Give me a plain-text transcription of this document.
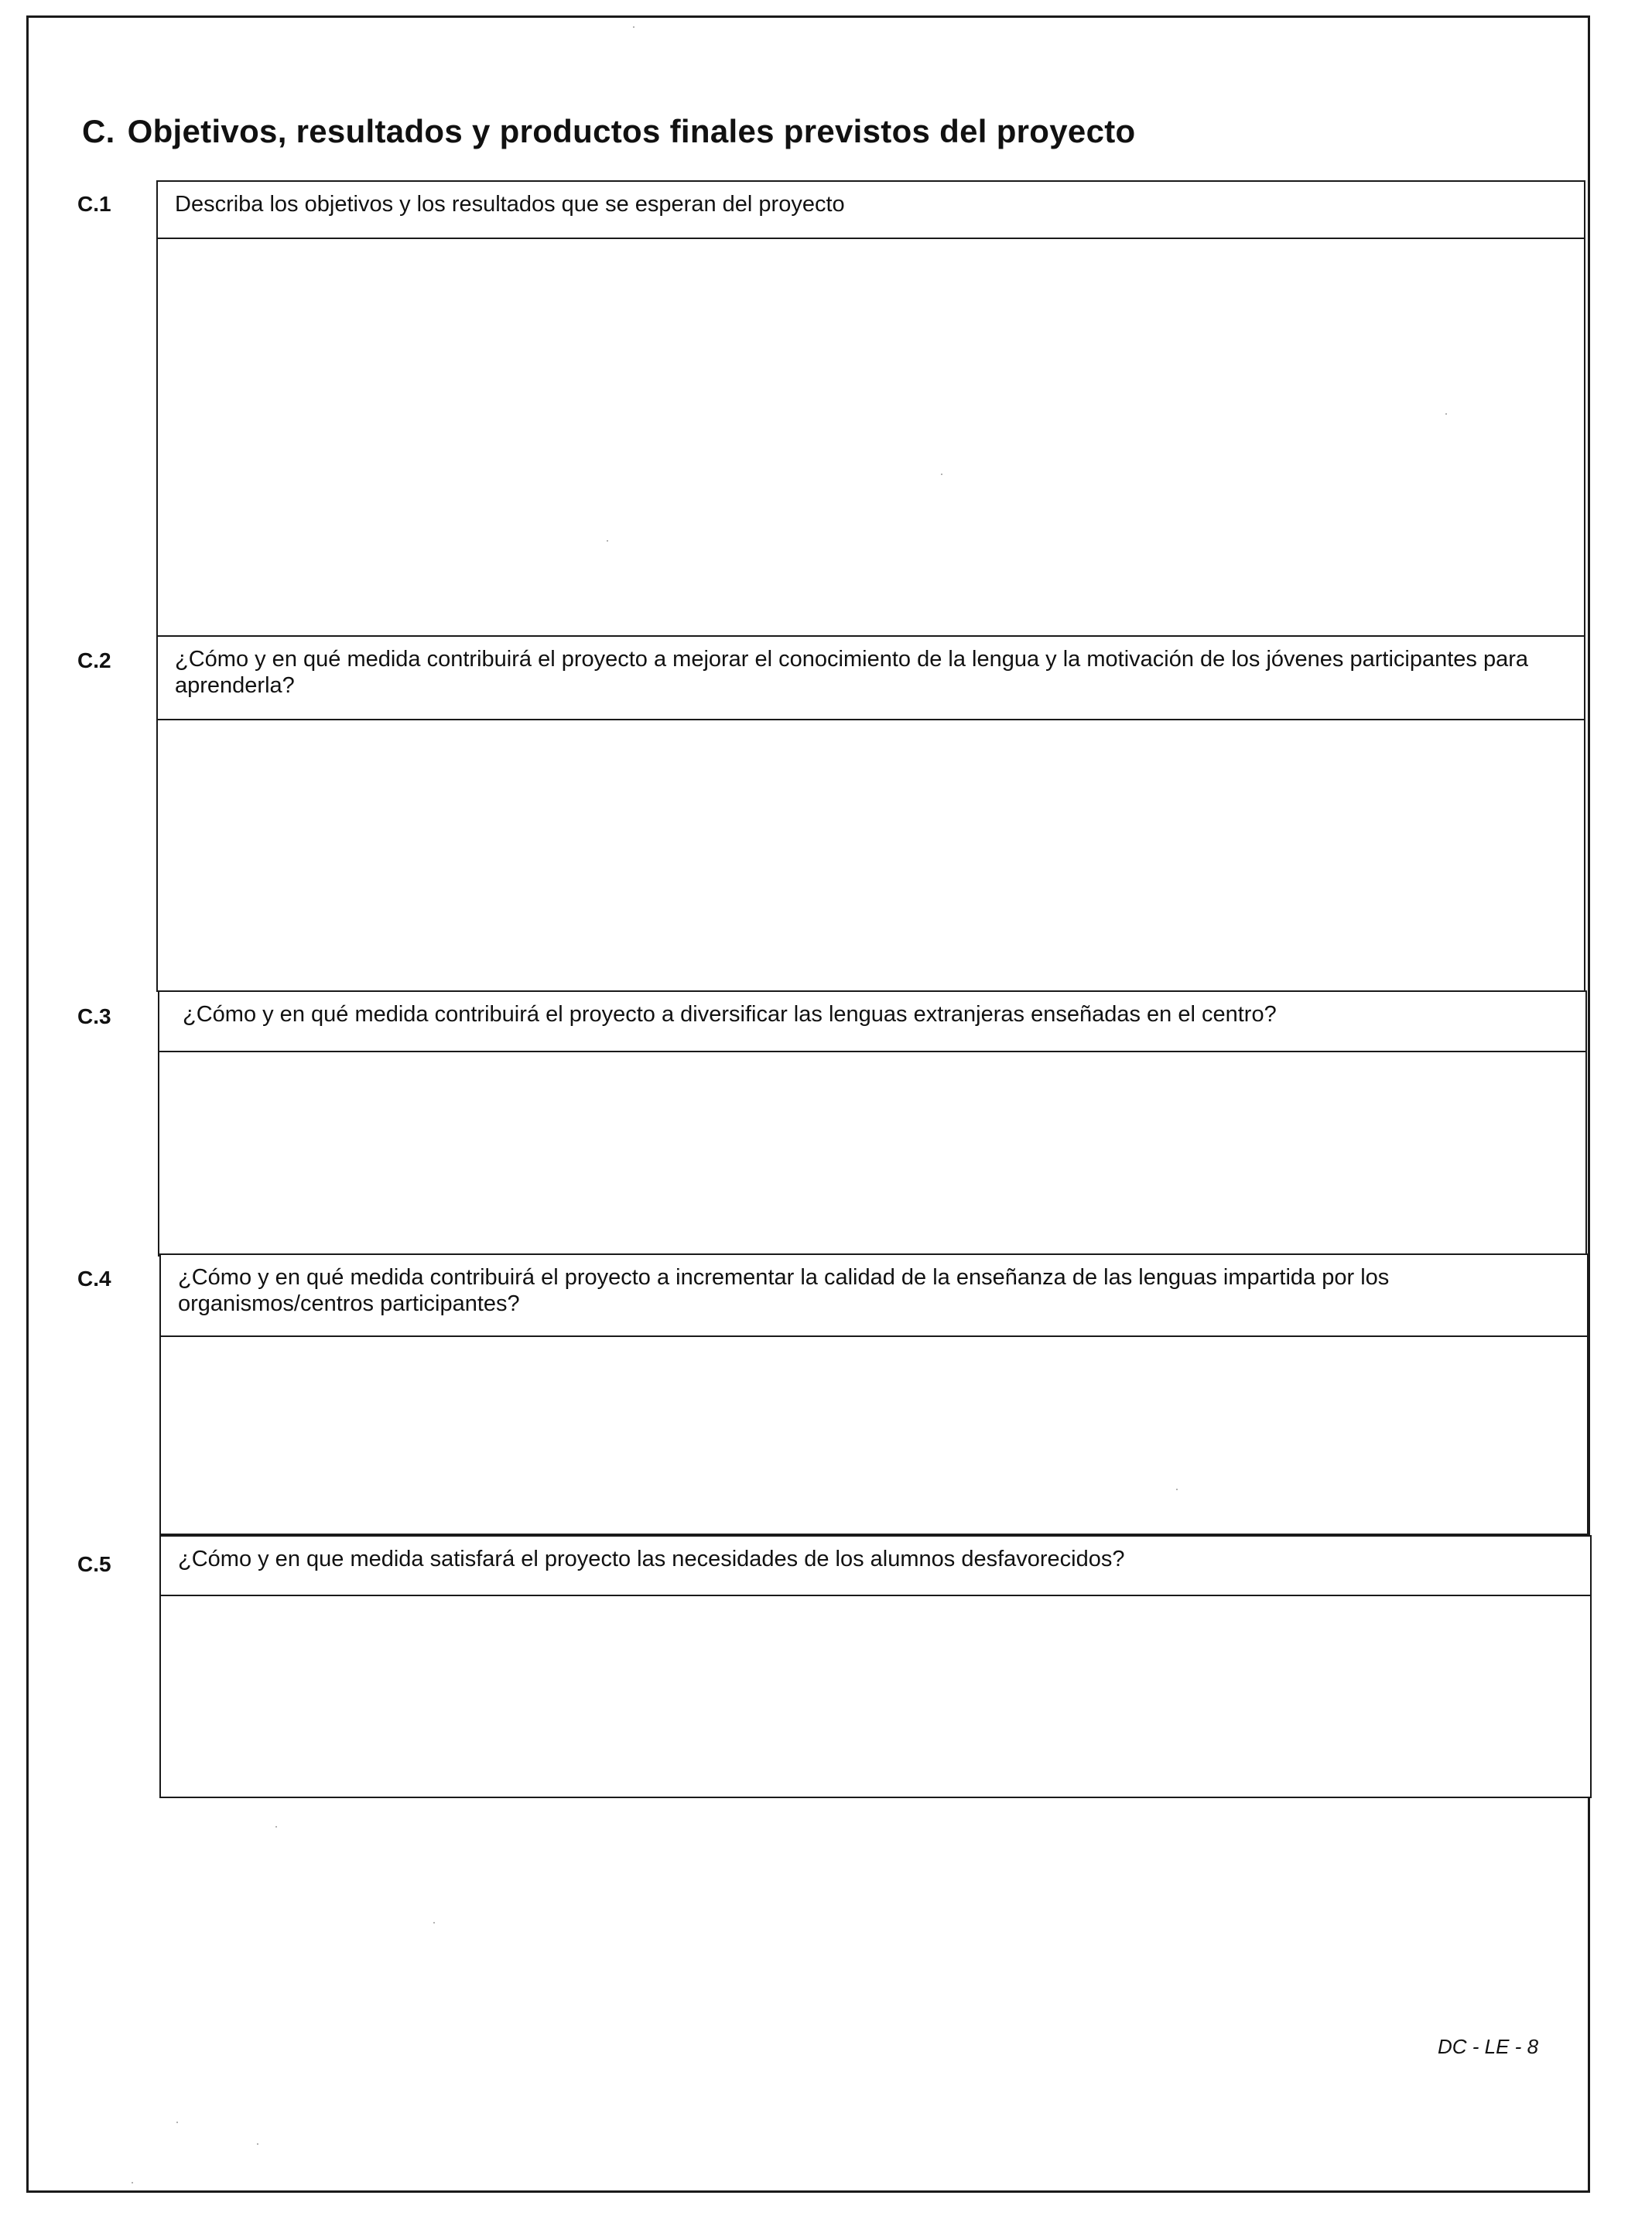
C. Objetivos, resultados y productos finales previstos del proyecto
C.1	Describa los objetivos y los resultados que se esperan del proyecto
C.2	¿Cómo y en qué medida contribuirá el proyecto a mejorar el conocimiento de la lengua y la motivación de los jóvenes participantes para aprenderla?
C.3	¿Cómo y en qué medida contribuirá el proyecto a diversificar las lenguas extranjeras enseñadas en el centro?
C.4	¿Cómo y en qué medida contribuirá el proyecto a incrementar la calidad de la enseñanza de las lenguas impartida por los organismos/centros participantes?
C.5	¿Cómo y en que medida satisfará el proyecto las necesidades de los alumnos desfavorecidos?
DC - LE - 8
